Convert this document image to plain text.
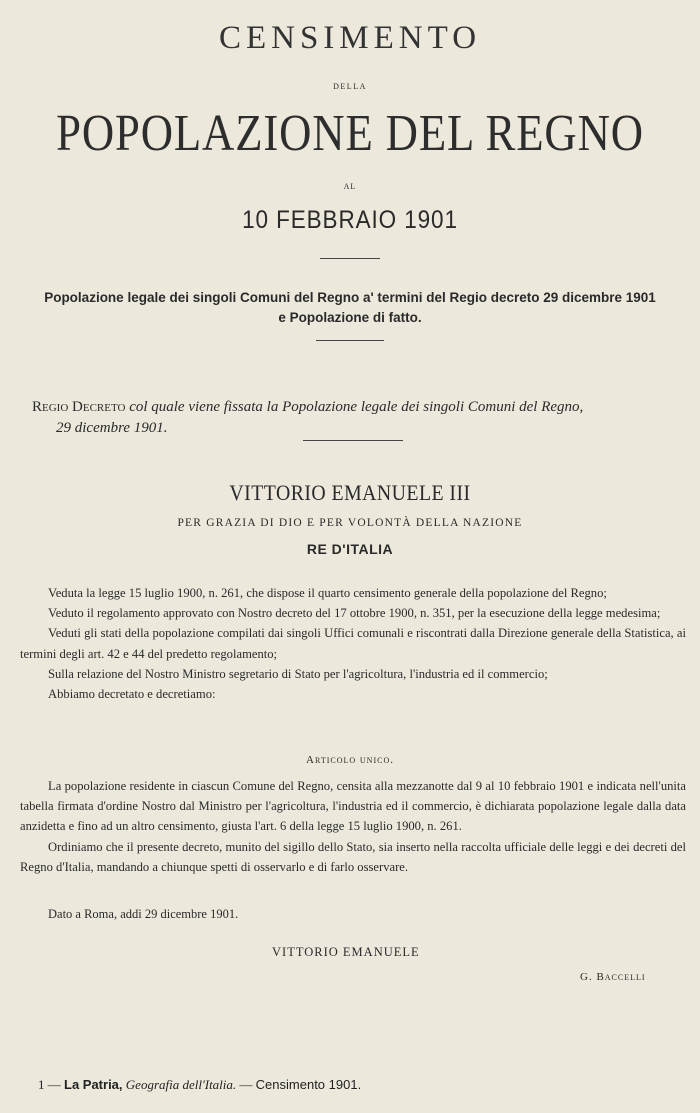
CENSIMENTO
della
POPOLAZIONE DEL REGNO
al
10 FEBBRAIO 1901
Popolazione legale dei singoli Comuni del Regno a' termini del Regio decreto 29 dicembre 1901
e Popolazione di fatto.
Regio Decreto col quale viene fissata la Popolazione legale dei singoli Comuni del Regno,
29 dicembre 1901.
VITTORIO EMANUELE III
PER GRAZIA DI DIO E PER VOLONTÀ DELLA NAZIONE
RE D'ITALIA

Veduta la legge 15 luglio 1900, n. 261, che dispose il quarto censimento generale della popolazione del Regno;

Veduto il regolamento approvato con Nostro decreto del 17 ottobre 1900, n. 351, per la esecuzione della legge medesima;

Veduti gli stati della popolazione compilati dai singoli Uffici comunali e riscontrati dalla Direzione generale della Statistica, ai termini degli art. 42 e 44 del predetto regolamento;

Sulla relazione del Nostro Ministro segretario di Stato per l'agricoltura, l'industria ed il commercio;

Abbiamo decretato e decretiamo:

Articolo unico.

La popolazione residente in ciascun Comune del Regno, censita alla mezzanotte dal 9 al 10 febbraio 1901 e indicata nell'unita tabella firmata d'ordine Nostro dal Ministro per l'agricoltura, l'industria ed il commercio, è dichiarata popolazione legale dalla data anzidetta e fino ad un altro censimento, giusta l'art. 6 della legge 15 luglio 1900, n. 261.

Ordiniamo che il presente decreto, munito del sigillo dello Stato, sia inserto nella raccolta ufficiale delle leggi e dei decreti del Regno d'Italia, mandando a chiunque spetti di osservarlo e di farlo osservare.

Dato a Roma, addì 29 dicembre 1901.
VITTORIO EMANUELE
G. Baccelli
1 — La Patria, Geografia dell'Italia. — Censimento 1901.
